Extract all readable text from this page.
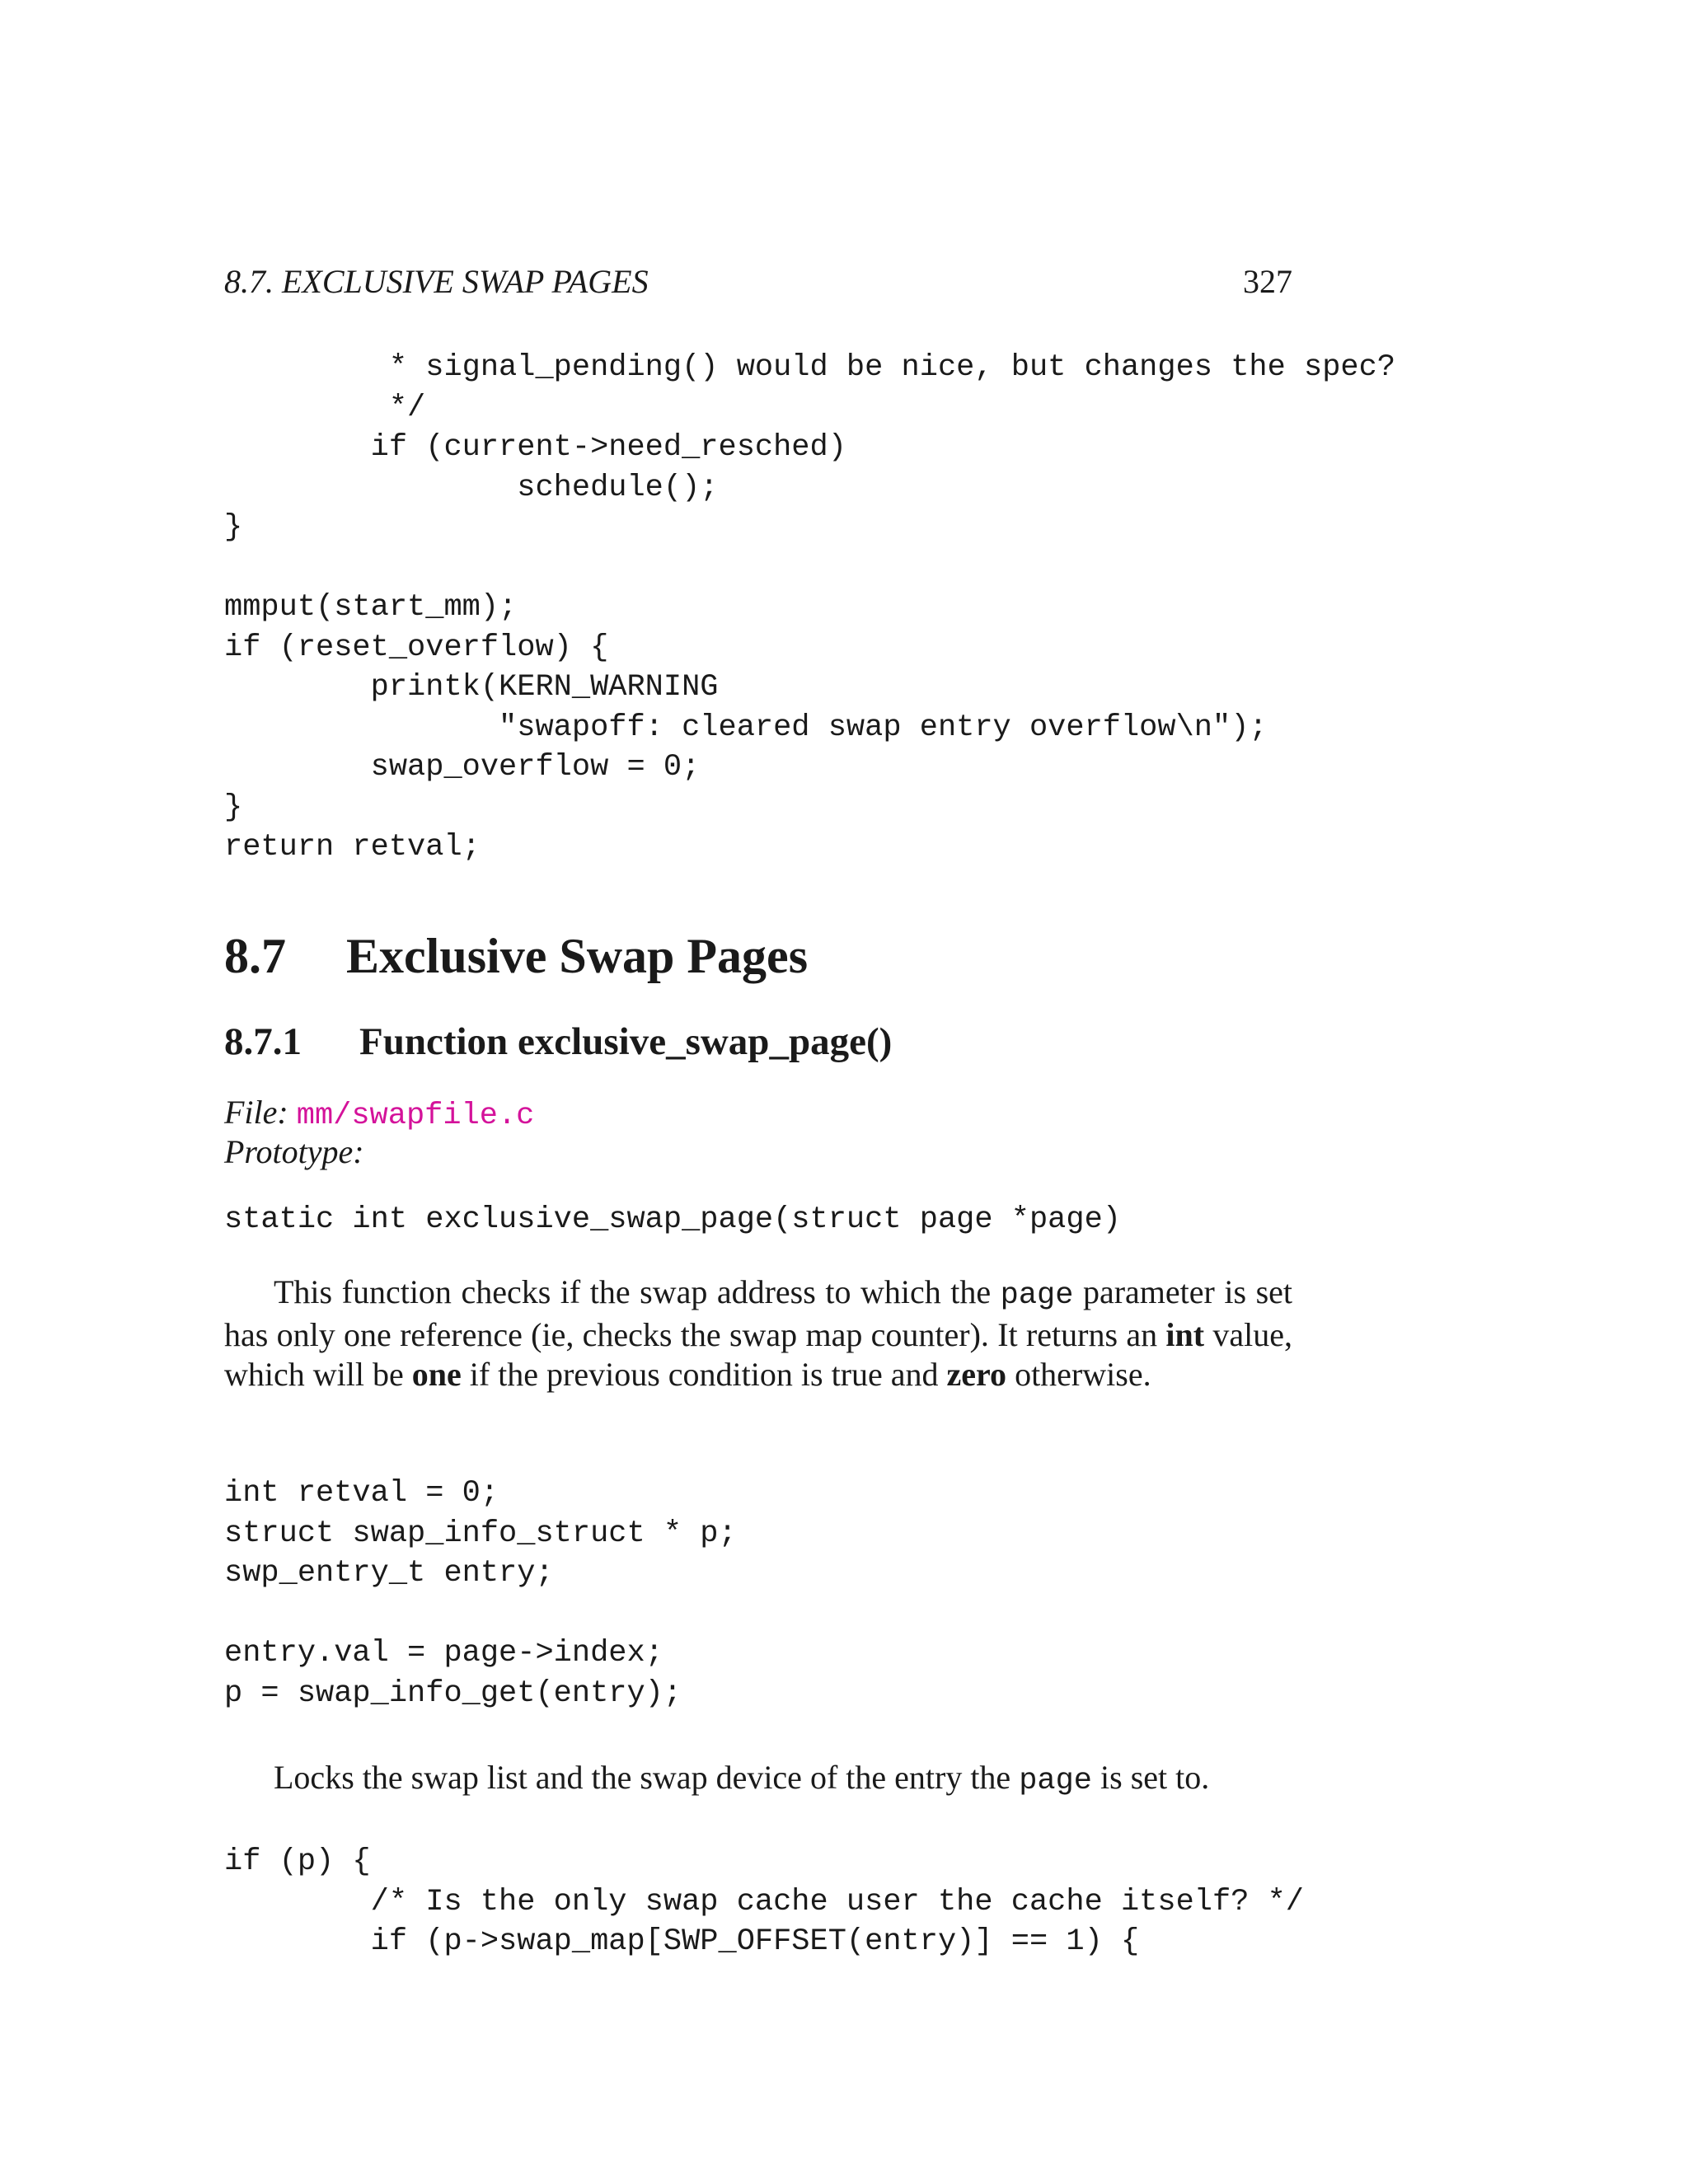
8.7. EXCLUSIVE SWAP PAGES	327
* signal_pending() would be nice, but changes the spec?
*/
if (current->need_resched)
schedule();
}

mmput(start_mm);
if (reset_overflow) {
printk(KERN_WARNING
"swapoff: cleared swap entry overflow\n");
swap_overflow = 0;
}
return retval;
8.7 Exclusive Swap Pages
8.7.1 Function exclusive_swap_page()
File: mm/swapfile.c
Prototype:
static int exclusive_swap_page(struct page *page)

This function checks if the swap address to which the page parameter is set has only one reference (ie, checks the swap map counter). It returns an int value, which will be one if the previous condition is true and zero otherwise.

int retval = 0;
struct swap_info_struct * p;
swp_entry_t entry;

entry.val = page->index;
p = swap_info_get(entry);

Locks the swap list and the swap device of the entry the page is set to.

if (p) {
/* Is the only swap cache user the cache itself? */
if (p->swap_map[SWP_OFFSET(entry)] == 1) {
